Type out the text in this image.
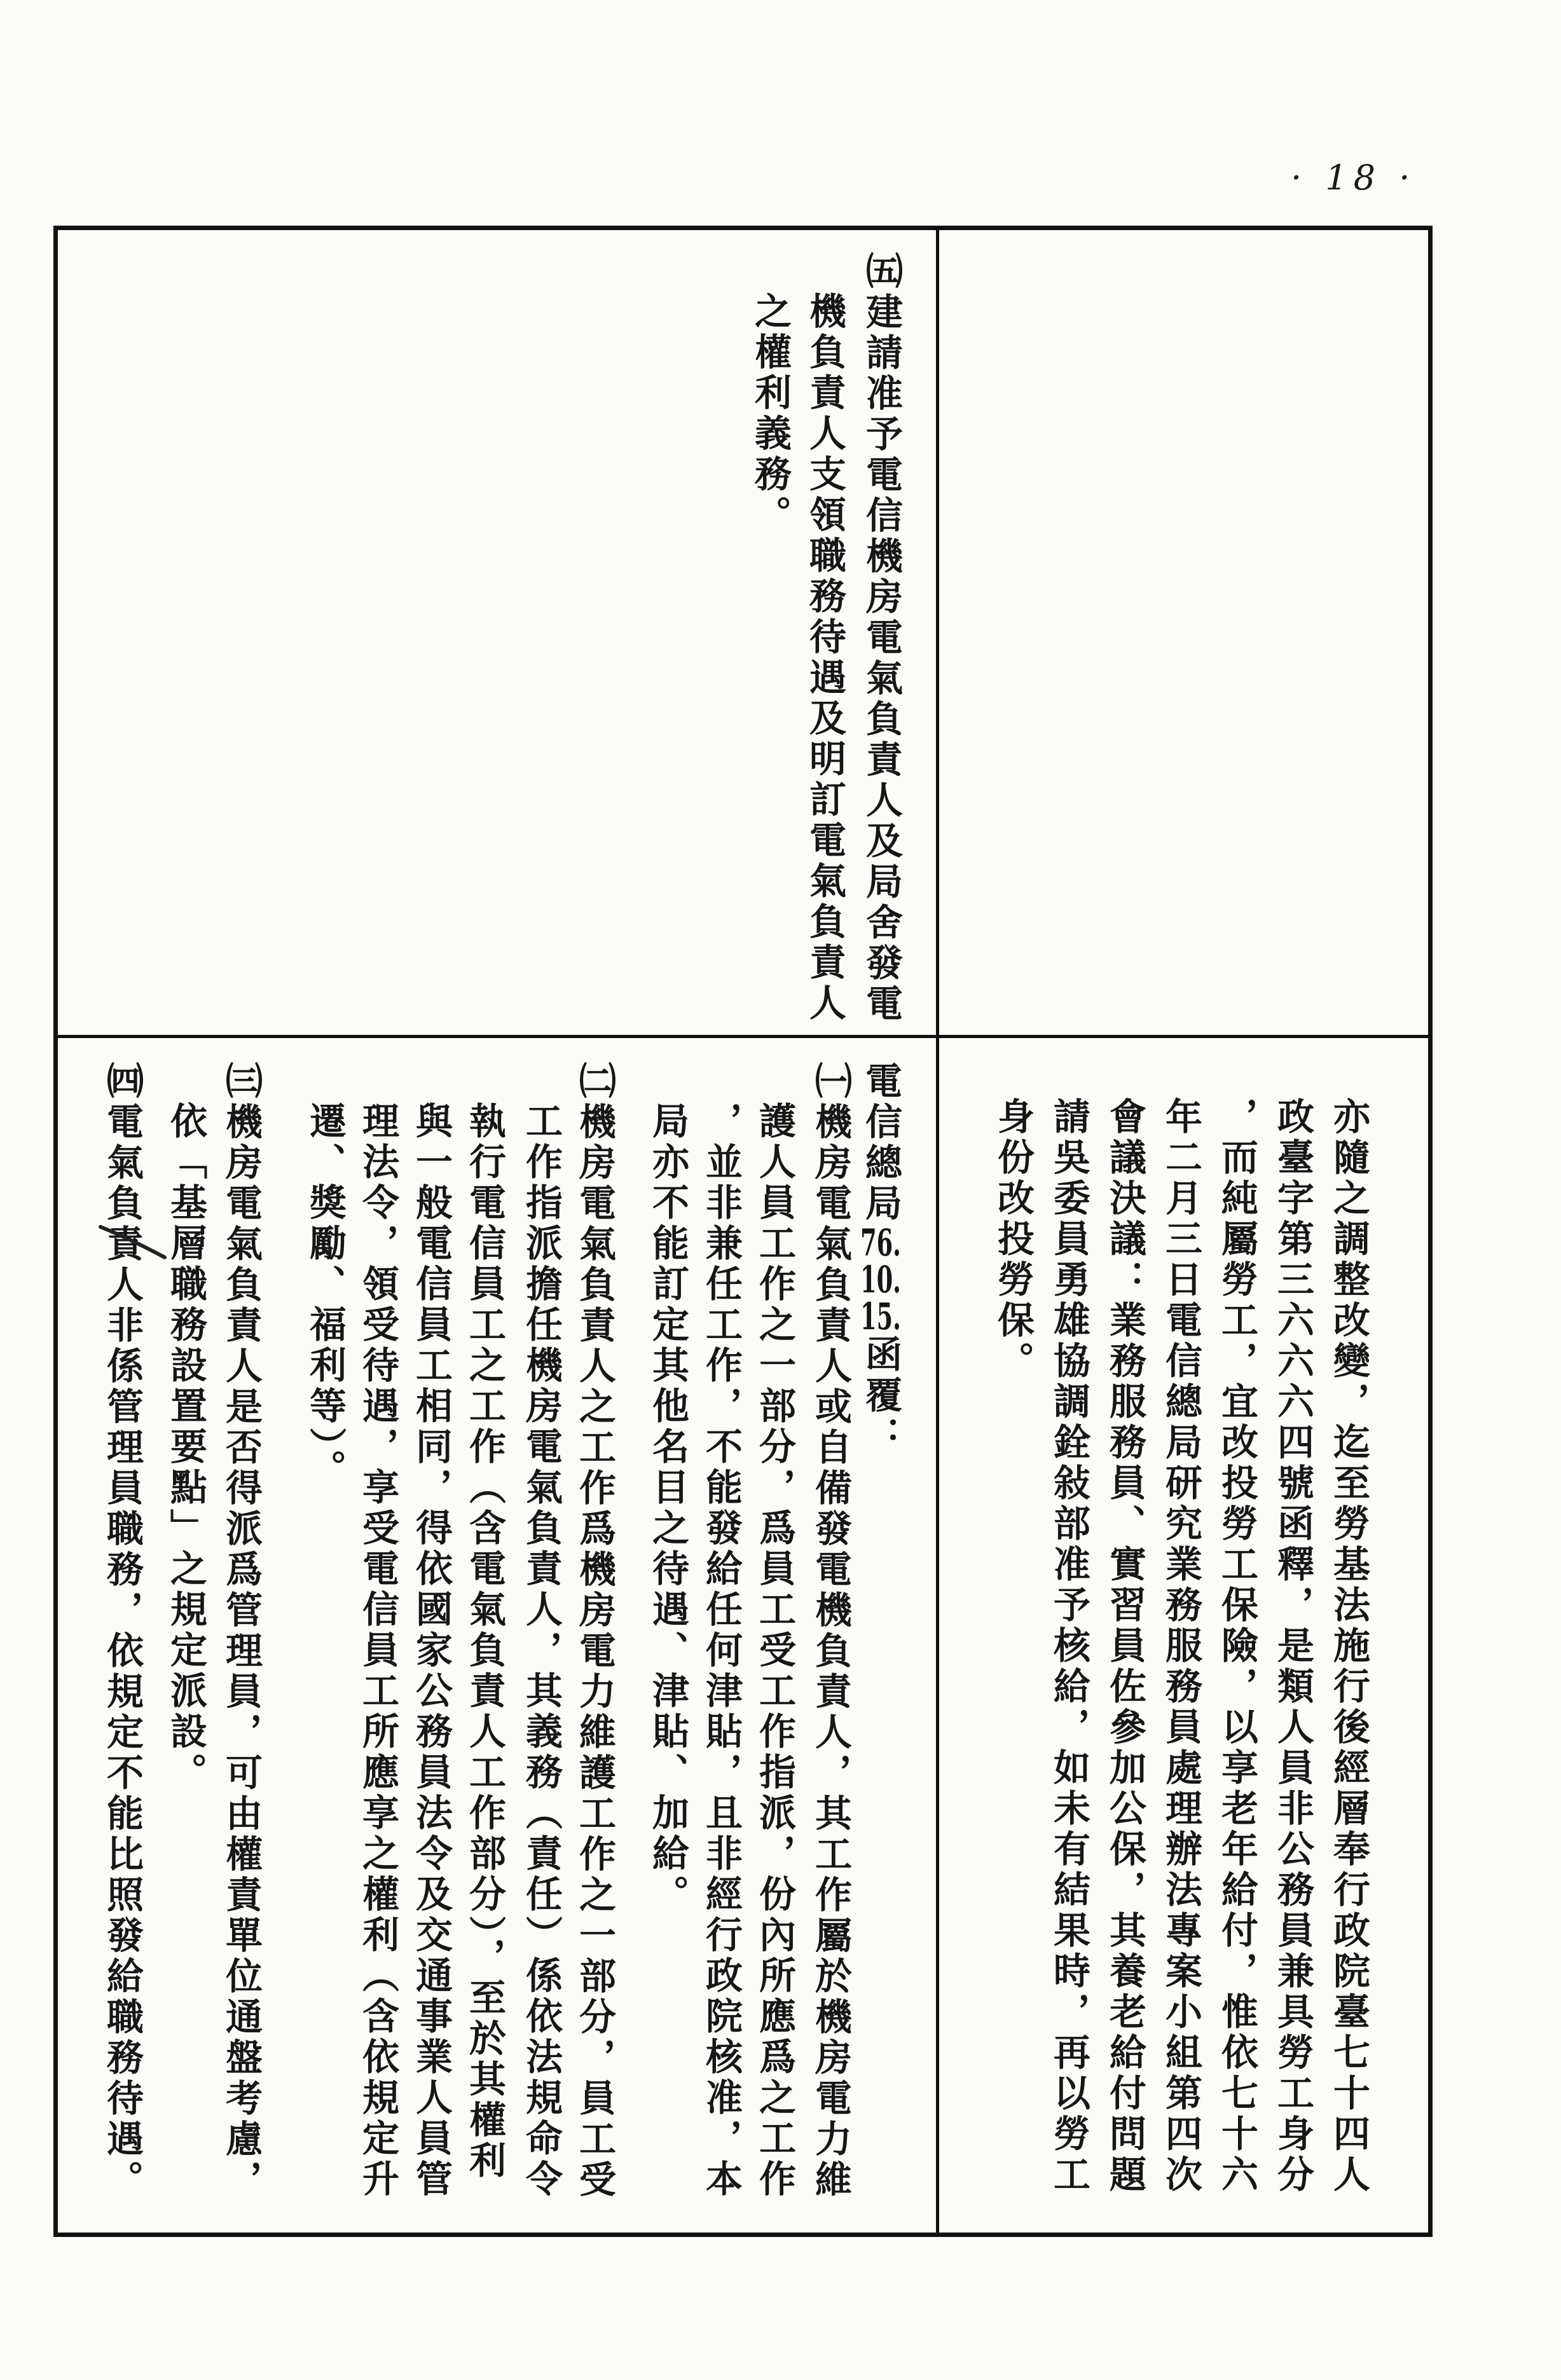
· 18 ·
㈤建請准予電信機房電氣負責人及局舍發電
機負責人支領職務待遇及明訂電氣負責人
之權利義務。
亦隨之調整改變，迄至勞基法施行後經層奉行政院臺七十四人
政臺字第三六六六四號函釋，是類人員非公務員兼具勞工身分
，而純屬勞工，宜改投勞工保險，以享老年給付，惟依七十六
年二月三日電信總局研究業務服務員處理辦法專案小組第四次
會議決議：業務服務員、實習員佐參加公保，其養老給付問題
請吳委員勇雄協調銓敍部准予核給，如未有結果時，再以勞工
身份改投勞保。
電信總局76.10.15.函覆：
㈠機房電氣負責人或自備發電機負責人，其工作屬於機房電力維
護人員工作之一部分，爲員工受工作指派，份內所應爲之工作
，並非兼任工作，不能發給任何津貼，且非經行政院核准，本
局亦不能訂定其他名目之待遇、津貼、加給。
㈡機房電氣負責人之工作爲機房電力維護工作之一部分，員工受
工作指派擔任機房電氣負責人，其義務（責任）係依法規命令
執行電信員工之工作（含電氣負責人工作部分），至於其權利
與一般電信員工相同，得依國家公務員法令及交通事業人員管
理法令，領受待遇，享受電信員工所應享之權利（含依規定升
遷、獎勵、福利等）。
㈢機房電氣負責人是否得派爲管理員，可由權責單位通盤考慮，
依「基層職務設置要點」之規定派設。
㈣電氣負責人非係管理員職務，依規定不能比照發給職務待遇。
